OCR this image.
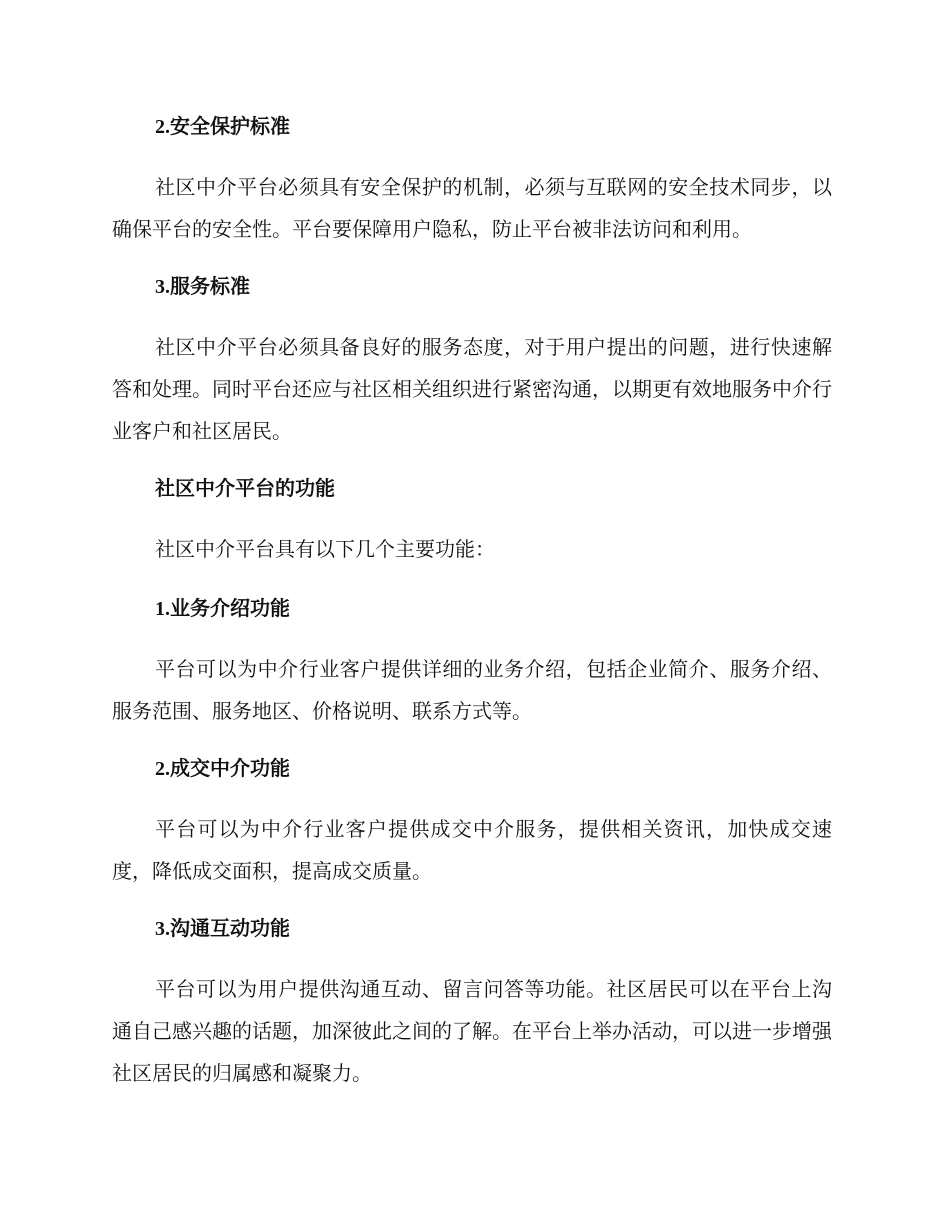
2.安全保护标准

社区中介平台必须具有安全保护的机制，必须与互联网的安全技术同步，以确保平台的安全性。平台要保障用户隐私，防止平台被非法访问和利用。

3.服务标准

社区中介平台必须具备良好的服务态度，对于用户提出的问题，进行快速解答和处理。同时平台还应与社区相关组织进行紧密沟通，以期更有效地服务中介行业客户和社区居民。

社区中介平台的功能

社区中介平台具有以下几个主要功能：

1.业务介绍功能

平台可以为中介行业客户提供详细的业务介绍，包括企业简介、服务介绍、服务范围、服务地区、价格说明、联系方式等。

2.成交中介功能

平台可以为中介行业客户提供成交中介服务，提供相关资讯，加快成交速度，降低成交面积，提高成交质量。

3.沟通互动功能

平台可以为用户提供沟通互动、留言问答等功能。社区居民可以在平台上沟通自己感兴趣的话题，加深彼此之间的了解。在平台上举办活动，可以进一步增强社区居民的归属感和凝聚力。
